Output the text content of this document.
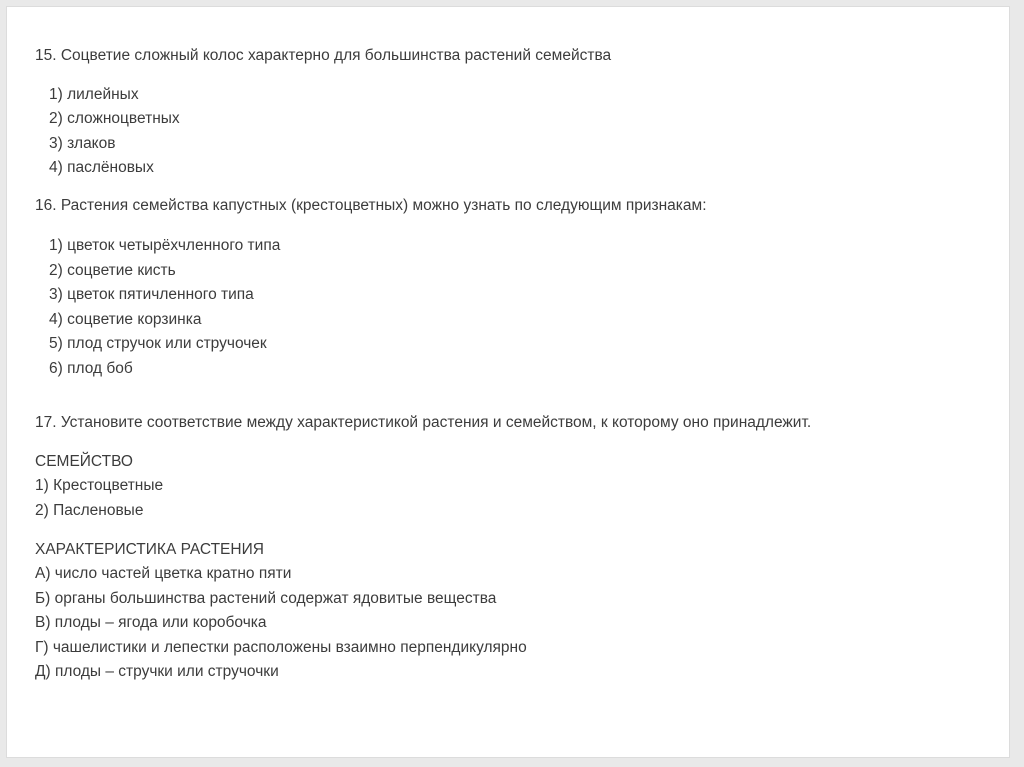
15. Соцветие сложный колос характерно для большинства растений семейства
1) лилейных
2) сложноцветных
3) злаков
4) паслёновых
16. Растения семейства капустных (крестоцветных) можно узнать по следующим признакам:
1) цветок четырёхчленного типа
2) соцветие кисть
3) цветок пятичленного типа
4) соцветие корзинка
5) плод стручок или стручочек
6) плод боб
17. Установите соответствие между характеристикой растения и семейством, к которому оно принадлежит.
СЕМЕЙСТВО
1) Крестоцветные
2) Пасленовые
ХАРАКТЕРИСТИКА РАСТЕНИЯ
А) число частей цветка кратно пяти
Б) органы большинства растений содержат ядовитые вещества
В) плоды – ягода или коробочка
Г) чашелистики и лепестки расположены взаимно перпендикулярно
Д) плоды – стручки или стручочки
